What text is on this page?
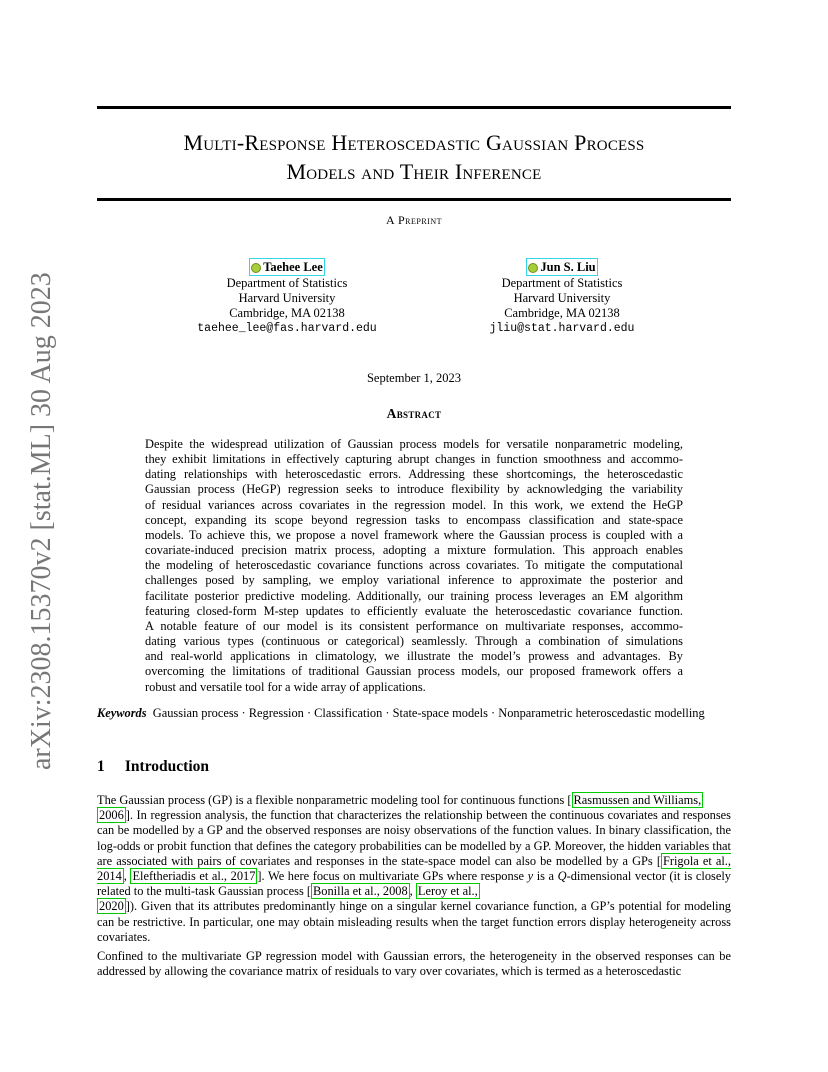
arXiv:2308.15370v2 [stat.ML] 30 Aug 2023
Multi-Response Heteroscedastic Gaussian Process
Models and Their Inference
A Preprint
Taehee Lee
Department of Statistics
Harvard University
Cambridge, MA 02138
taehee_lee@fas.harvard.edu
Jun S. Liu
Department of Statistics
Harvard University
Cambridge, MA 02138
jliu@stat.harvard.edu
September 1, 2023
Abstract
Despite the widespread utilization of Gaussian process models for versatile nonparametric modeling,
they exhibit limitations in effectively capturing abrupt changes in function smoothness and accommo-
dating relationships with heteroscedastic errors. Addressing these shortcomings, the heteroscedastic
Gaussian process (HeGP) regression seeks to introduce flexibility by acknowledging the variability
of residual variances across covariates in the regression model. In this work, we extend the HeGP
concept, expanding its scope beyond regression tasks to encompass classification and state-space
models. To achieve this, we propose a novel framework where the Gaussian process is coupled with a
covariate-induced precision matrix process, adopting a mixture formulation. This approach enables
the modeling of heteroscedastic covariance functions across covariates. To mitigate the computational
challenges posed by sampling, we employ variational inference to approximate the posterior and
facilitate posterior predictive modeling. Additionally, our training process leverages an EM algorithm
featuring closed-form M-step updates to efficiently evaluate the heteroscedastic covariance function.
A notable feature of our model is its consistent performance on multivariate responses, accommo-
dating various types (continuous or categorical) seamlessly. Through a combination of simulations
and real-world applications in climatology, we illustrate the model’s prowess and advantages. By
overcoming the limitations of traditional Gaussian process models, our proposed framework offers a
robust and versatile tool for a wide array of applications.
Keywords Gaussian process · Regression · Classification · State-space models · Nonparametric heteroscedastic modelling
1 Introduction
The Gaussian process (GP) is a flexible nonparametric modeling tool for continuous functions [ Rasmussen and Williams,
2006 ]. In regression analysis, the function that characterizes the relationship between the continuous covariates and responses can be modelled by a GP and the observed responses are noisy observations of the function values. In binary classification, the log-odds or probit function that defines the category probabilities can be modelled by a GP. Moreover, the hidden variables that are associated with pairs of covariates and responses in the state-space model can also be modelled by a GPs [ Frigola et al., 2014 , Eleftheriadis et al., 2017 ]. We here focus on multivariate GPs where response y is a Q-dimensional vector (it is closely related to the multi-task Gaussian process [ Bonilla et al., 2008 , Leroy et al.,
2020 ]). Given that its attributes predominantly hinge on a singular kernel covariance function, a GP’s potential for modeling can be restrictive. In particular, one may obtain misleading results when the target function errors display heterogeneity across covariates.
Confined to the multivariate GP regression model with Gaussian errors, the heterogeneity in the observed responses can be addressed by allowing the covariance matrix of residuals to vary over covariates, which is termed as a heteroscedastic
